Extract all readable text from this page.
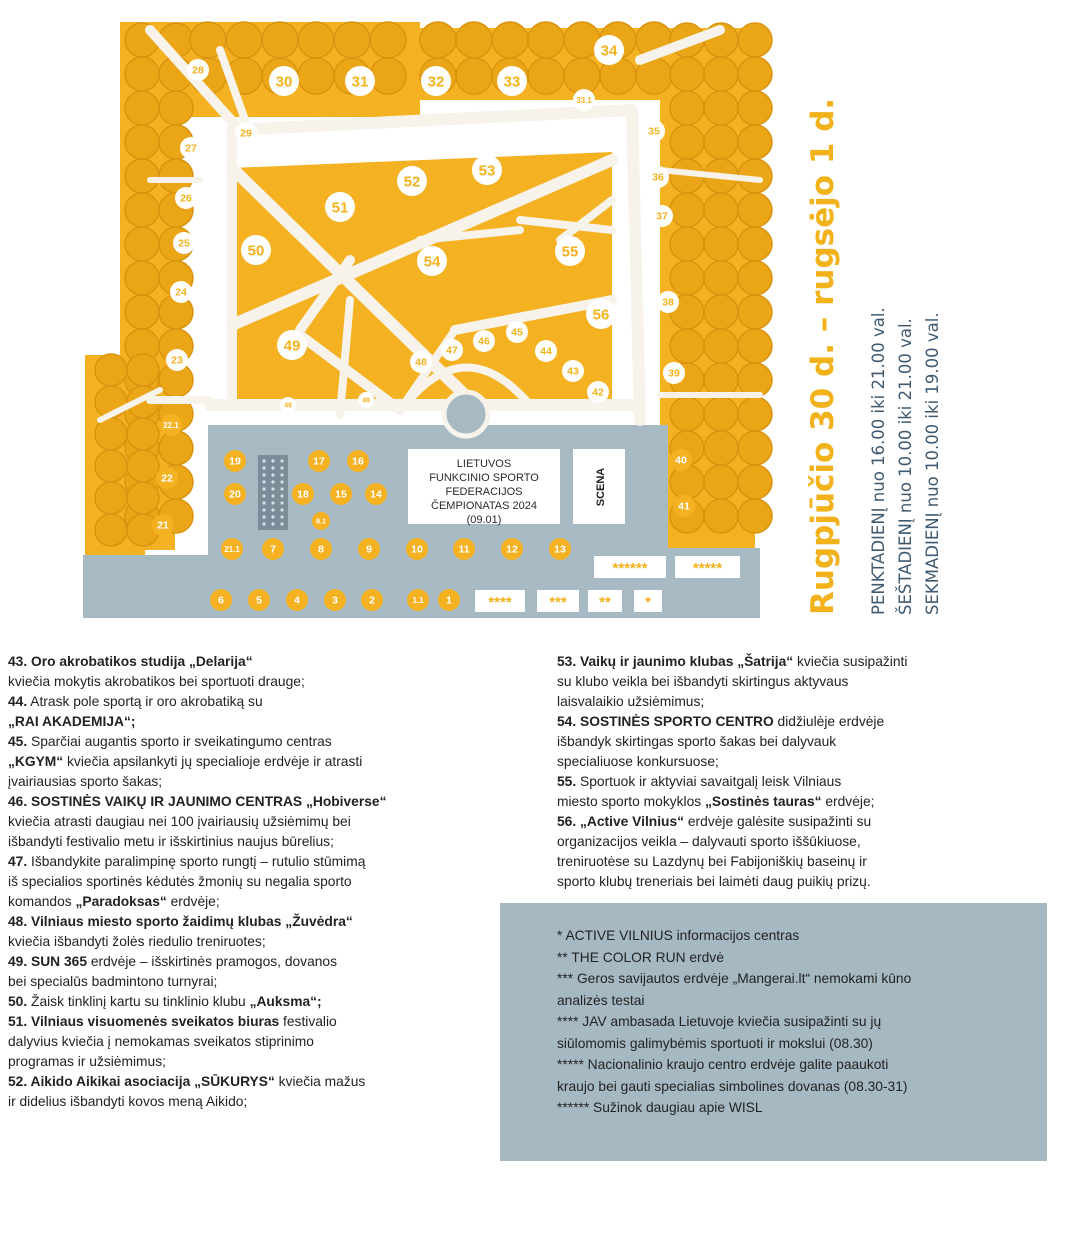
LIETUVOS FUNKCINIO SPORTO FEDERACIJOS ČEMPIONATAS 2024 (09.01)
SCENA
1
1.1
2
3
4
5
6
7	8
8.1
9	10	11	12	13
14
15
16
17
18
19
20
21
21.1
22
22.1
23
24
25
26
27
28
29
30	31	32	33
33.1
34
35
36
37
38
39
40
41
42
43
44
45
46
47
48
49
49
49
50
51
52
53
54
55
56
****	*** ** *
******	*****	Rugpjūčio 30 d. – rugsėjo 1 d. PENKTADIENĮ nuo 16.00 iki 21.00 val. ŠEŠTADIENĮ nuo 10.00 iki 21.00 val. SEKMADIENĮ nuo 10.00 iki 19.00 val.

43. Oro akrobatikos studija „Delarija“
kviečia mokytis akrobatikos bei sportuoti drauge;

44. Atrask pole sportą ir oro akrobatiką su
„RAI AKADEMIJA“;

45. Sparčiai augantis sporto ir sveikatingumo centras
„KGYM“ kviečia apsilankyti jų specialioje erdvėje ir atrasti
įvairiausias sporto šakas;

46. SOSTINĖS VAIKŲ IR JAUNIMO CENTRAS „Hobiverse“
kviečia atrasti daugiau nei 100 įvairiausių užsiėmimų bei
išbandyti festivalio metu ir išskirtinius naujus būrelius;

47. Išbandykite paralimpinę sporto rungtį – rutulio stūmimą
iš specialios sportinės kėdutės žmonių su negalia sporto
komandos „Paradoksas“ erdvėje;

48. Vilniaus miesto sporto žaidimų klubas „Žuvėdra“
kviečia išbandyti žolės riedulio treniruotes;

49. SUN 365 erdvėje – išskirtinės pramogos, dovanos
bei specialūs badmintono turnyrai;

50. Žaisk tinklinį kartu su tinklinio klubu „Auksma“;

51. Vilniaus visuomenės sveikatos biuras festivalio
dalyvius kviečia į nemokamas sveikatos stiprinimo
programas ir užsiėmimus;

52. Aikido Aikikai asociacija „SŪKURYS“ kviečia mažus
ir didelius išbandyti kovos meną Aikido;

53. Vaikų ir jaunimo klubas „Šatrija“ kviečia susipažinti
su klubo veikla bei išbandyti skirtingus aktyvaus
laisvalaikio užsiėmimus;

54. SOSTINĖS SPORTO CENTRO didžiulėje erdvėje
išbandyk skirtingas sporto šakas bei dalyvauk
specialiuose konkursuose;

55. Sportuok ir aktyviai savaitgalį leisk Vilniaus
miesto sporto mokyklos „Sostinės tauras“ erdvėje;

56. „Active Vilnius“ erdvėje galėsite susipažinti su
organizacijos veikla – dalyvauti sporto iššūkiuose,
treniruotėse su Lazdynų bei Fabijoniškių baseinų ir
sporto klubų treneriais bei laimėti daug puikių prizų.

* ACTIVE VILNIUS informacijos centras
** THE COLOR RUN erdvė
*** Geros savijautos erdvėje „Mangerai.lt“ nemokami kūno
analizės testai
**** JAV ambasada Lietuvoje kviečia susipažinti su jų
siūlomomis galimybėmis sportuoti ir mokslui (08.30)
***** Nacionalinio kraujo centro erdvėje galite paaukoti
kraujo bei gauti specialias simbolines dovanas (08.30-31)
****** Sužinok daugiau apie WISL
